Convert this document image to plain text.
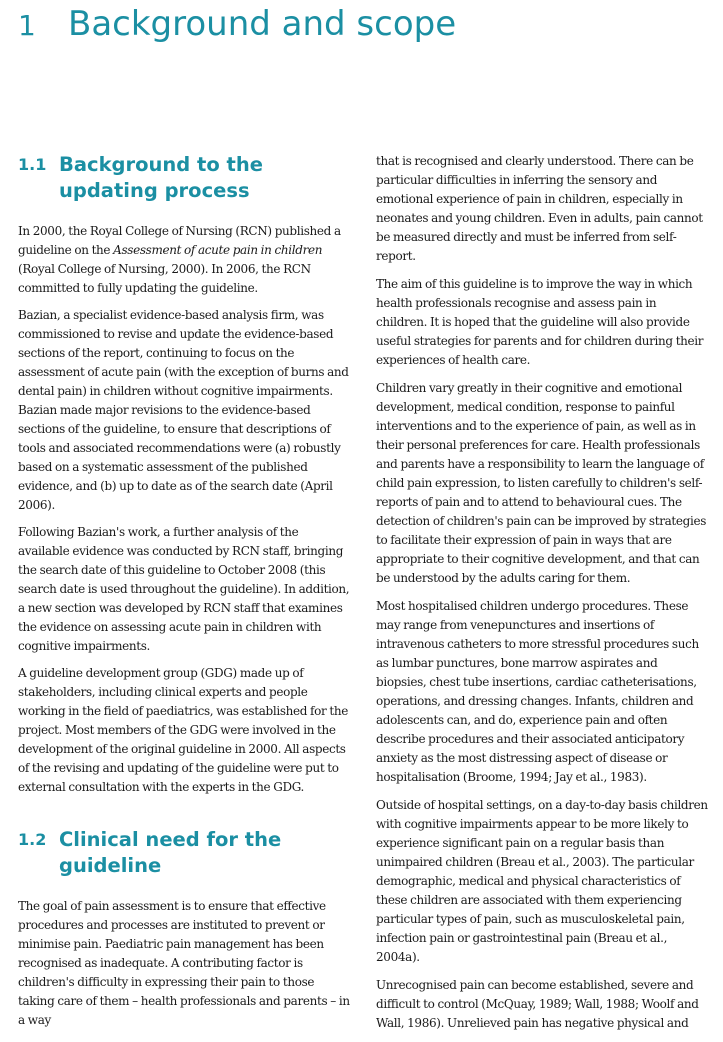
1 Background and scope
1.1 Background to the updating process

In 2000, the Royal College of Nursing (RCN) published a guideline on the Assessment of acute pain in children (Royal College of Nursing, 2000). In 2006, the RCN committed to fully updating the guideline.

Bazian, a specialist evidence-based analysis firm, was commissioned to revise and update the evidence-based sections of the report, continuing to focus on the assessment of acute pain (with the exception of burns and dental pain) in children without cognitive impairments. Bazian made major revisions to the evidence-based sections of the guideline, to ensure that descriptions of tools and associated recommendations were (a) robustly based on a systematic assessment of the published evidence, and (b) up to date as of the search date (April 2006).

Following Bazian's work, a further analysis of the available evidence was conducted by RCN staff, bringing the search date of this guideline to October 2008 (this search date is used throughout the guideline). In addition, a new section was developed by RCN staff that examines the evidence on assessing acute pain in children with cognitive impairments.

A guideline development group (GDG) made up of stakeholders, including clinical experts and people working in the field of paediatrics, was established for the project. Most members of the GDG were involved in the development of the original guideline in 2000. All aspects of the revising and updating of the guideline were put to external consultation with the experts in the GDG.

1.2 Clinical need for the guideline

The goal of pain assessment is to ensure that effective procedures and processes are instituted to prevent or minimise pain. Paediatric pain management has been recognised as inadequate. A contributing factor is children's difficulty in expressing their pain to those taking care of them – health professionals and parents – in a way

that is recognised and clearly understood. There can be particular difficulties in inferring the sensory and emotional experience of pain in children, especially in neonates and young children. Even in adults, pain cannot be measured directly and must be inferred from self-report.

The aim of this guideline is to improve the way in which health professionals recognise and assess pain in children. It is hoped that the guideline will also provide useful strategies for parents and for children during their experiences of health care.

Children vary greatly in their cognitive and emotional development, medical condition, response to painful interventions and to the experience of pain, as well as in their personal preferences for care. Health professionals and parents have a responsibility to learn the language of child pain expression, to listen carefully to children's self-reports of pain and to attend to behavioural cues. The detection of children's pain can be improved by strategies to facilitate their expression of pain in ways that are appropriate to their cognitive development, and that can be understood by the adults caring for them.

Most hospitalised children undergo procedures. These may range from venepunctures and insertions of intravenous catheters to more stressful procedures such as lumbar punctures, bone marrow aspirates and biopsies, chest tube insertions, cardiac catheterisations, operations, and dressing changes. Infants, children and adolescents can, and do, experience pain and often describe procedures and their associated anticipatory anxiety as the most distressing aspect of disease or hospitalisation (Broome, 1994; Jay et al., 1983).

Outside of hospital settings, on a day-to-day basis children with cognitive impairments appear to be more likely to experience significant pain on a regular basis than unimpaired children (Breau et al., 2003). The particular demographic, medical and physical characteristics of these children are associated with them experiencing particular types of pain, such as musculoskeletal pain, infection pain or gastrointestinal pain (Breau et al., 2004a).

Unrecognised pain can become established, severe and difficult to control (McQuay, 1989; Wall, 1988; Woolf and Wall, 1986). Unrelieved pain has negative physical and
